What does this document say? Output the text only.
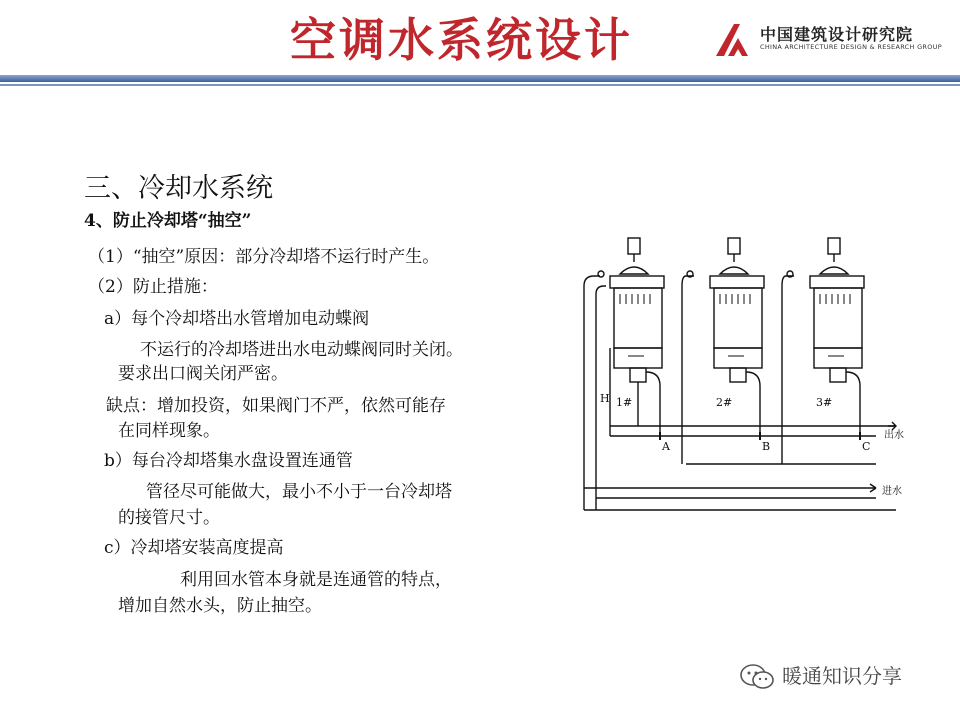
空调水系统设计	中国建筑设计研究院
CHINA ARCHITECTURE DESIGN & RESEARCH GROUP
三、冷却水系统
4、防止冷却塔“抽空”
（1）“抽空”原因：部分冷却塔不运行时产生。
（2）防止措施：
a）每个冷却塔出水管增加电动蝶阀
不运行的冷却塔进出水电动蝶阀同时关闭。
要求出口阀关闭严密。
缺点：增加投资，如果阀门不严，依然可能存
在同样现象。
b）每台冷却塔集水盘设置连通管
管径尽可能做大，最小不小于一台冷却塔
的接管尺寸。
c）冷却塔安装高度提高
利用回水管本身就是连通管的特点，
增加自然水头，防止抽空。
1#	2#	3#
A	B	C
H
出水
进水
暖通知识分享
